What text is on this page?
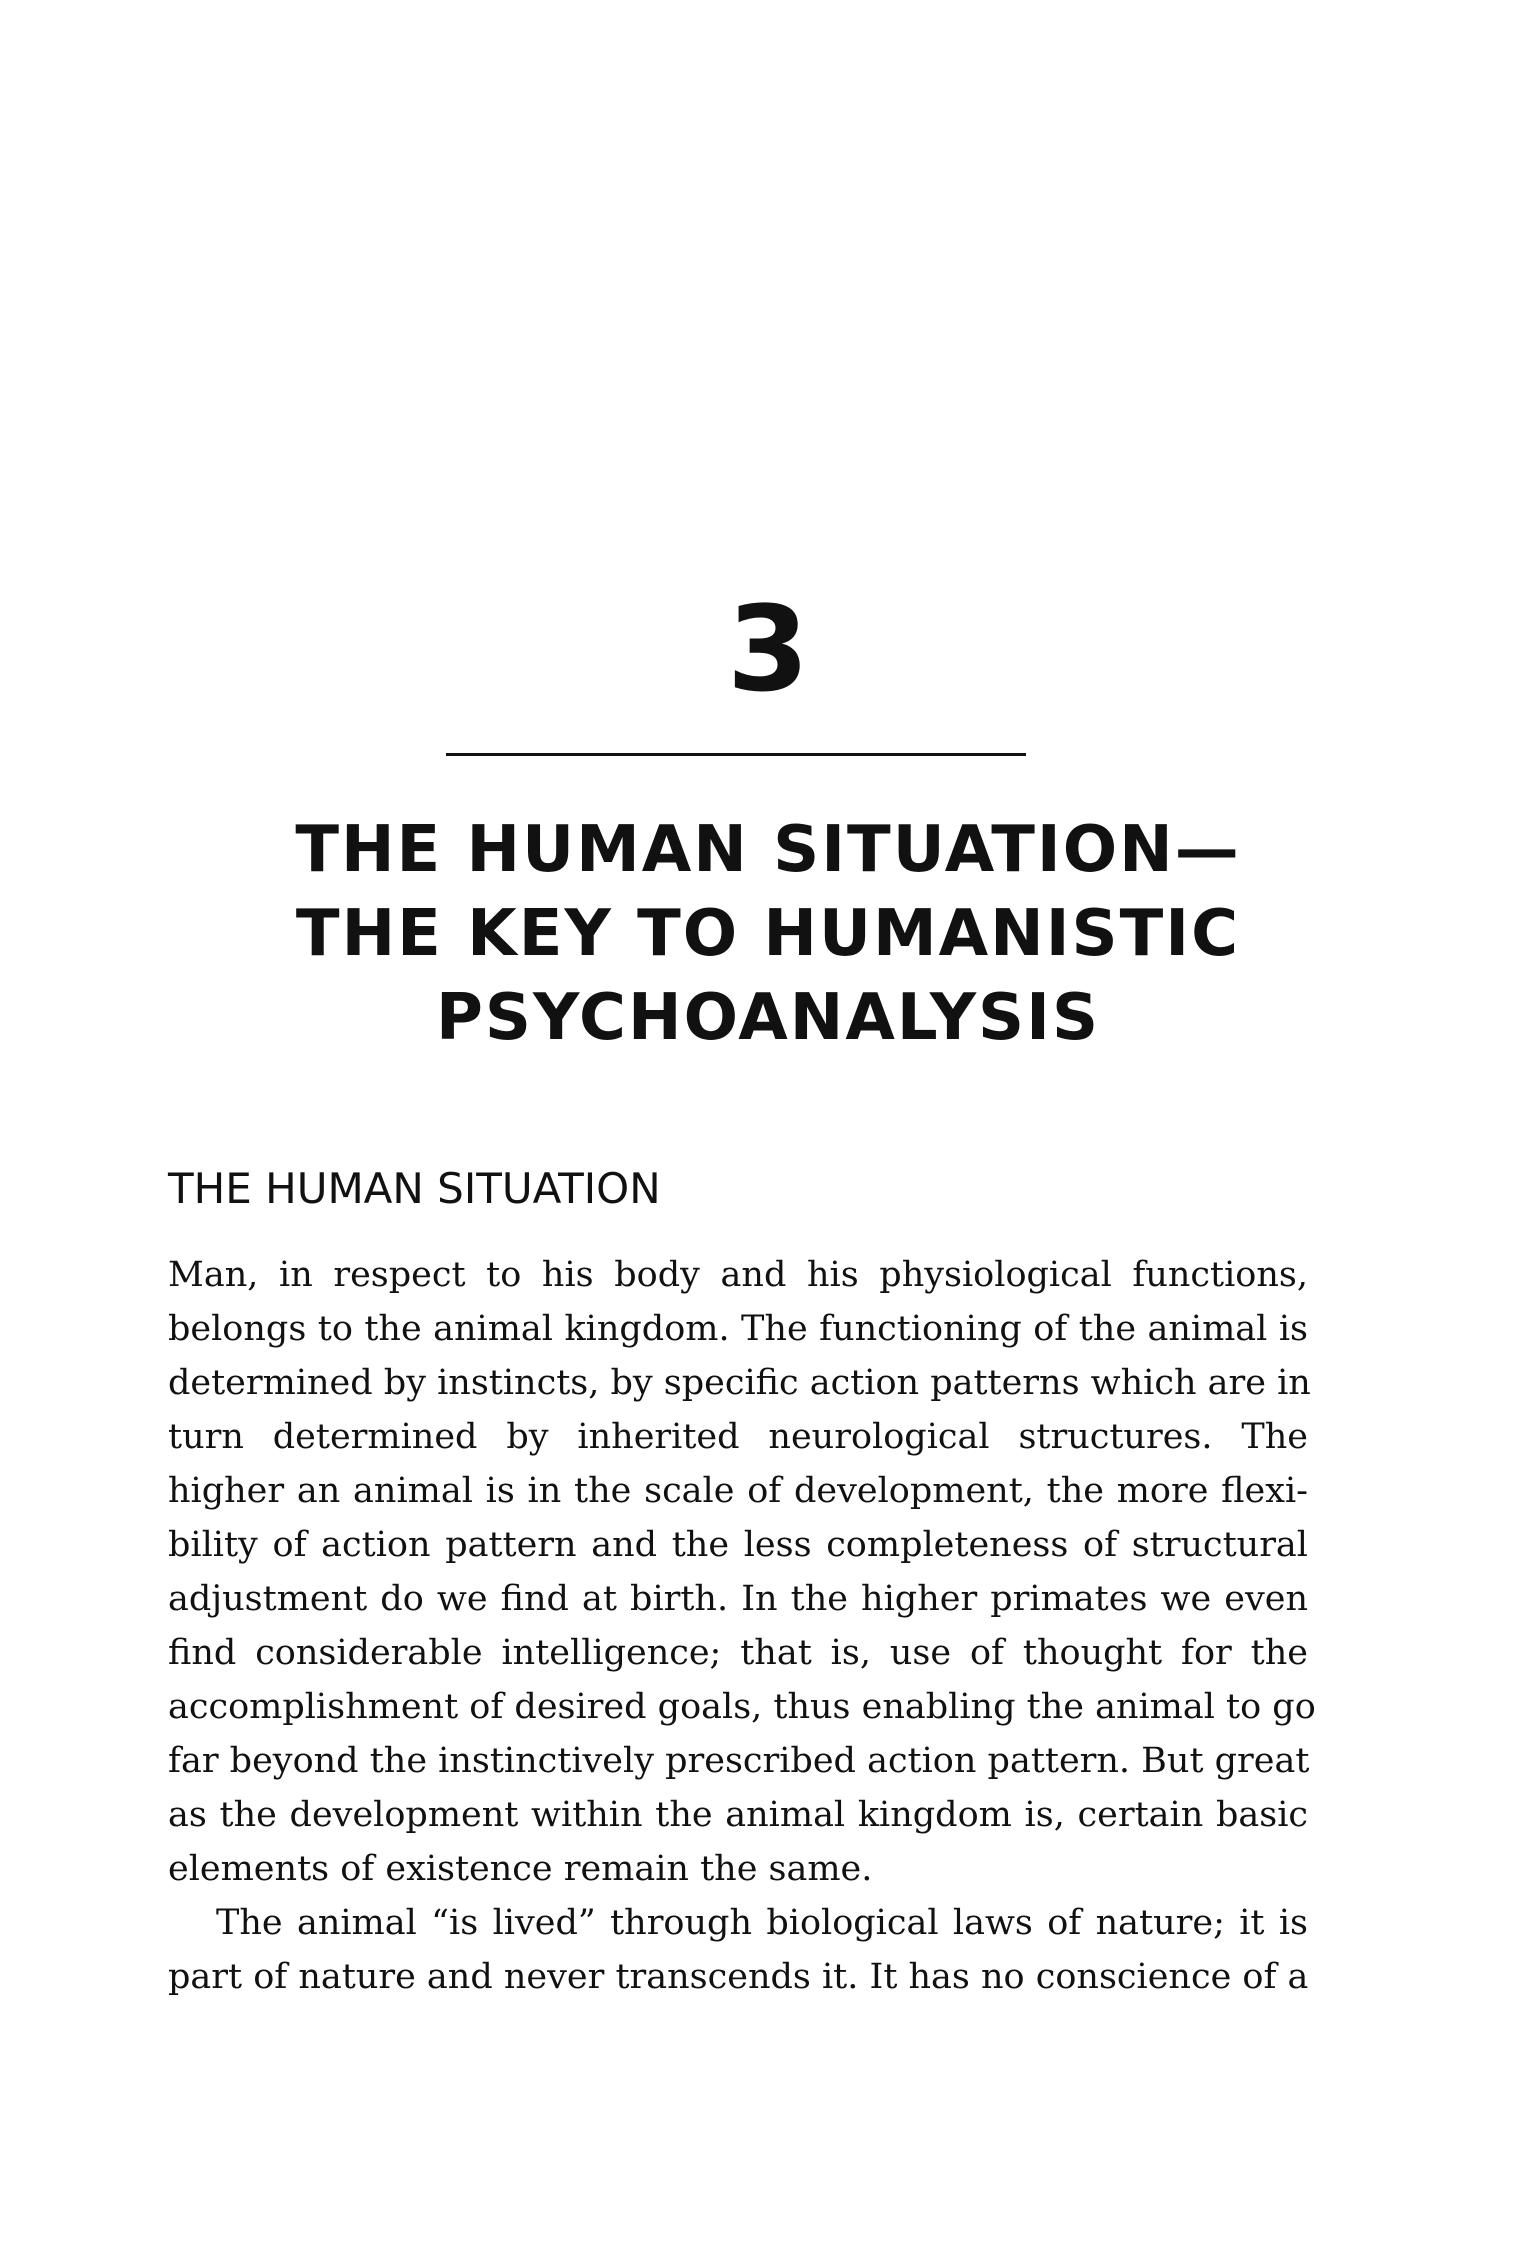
3
THE HUMAN SITUATION—
THE KEY TO HUMANISTIC
PSYCHOANALYSIS
THE HUMAN SITUATION
Man, in respect to his body and his physiological functions,
belongs to the animal kingdom. The functioning of the animal is
determined by instincts, by specific action patterns which are in
turn determined by inherited neurological structures. The
higher an animal is in the scale of development, the more flexi-
bility of action pattern and the less completeness of structural
adjustment do we find at birth. In the higher primates we even
find considerable intelligence; that is, use of thought for the
accomplishment of desired goals, thus enabling the animal to go
far beyond the instinctively prescribed action pattern. But great
as the development within the animal kingdom is, certain basic
elements of existence remain the same.
The animal “is lived” through biological laws of nature; it is
part of nature and never transcends it. It has no conscience of a
